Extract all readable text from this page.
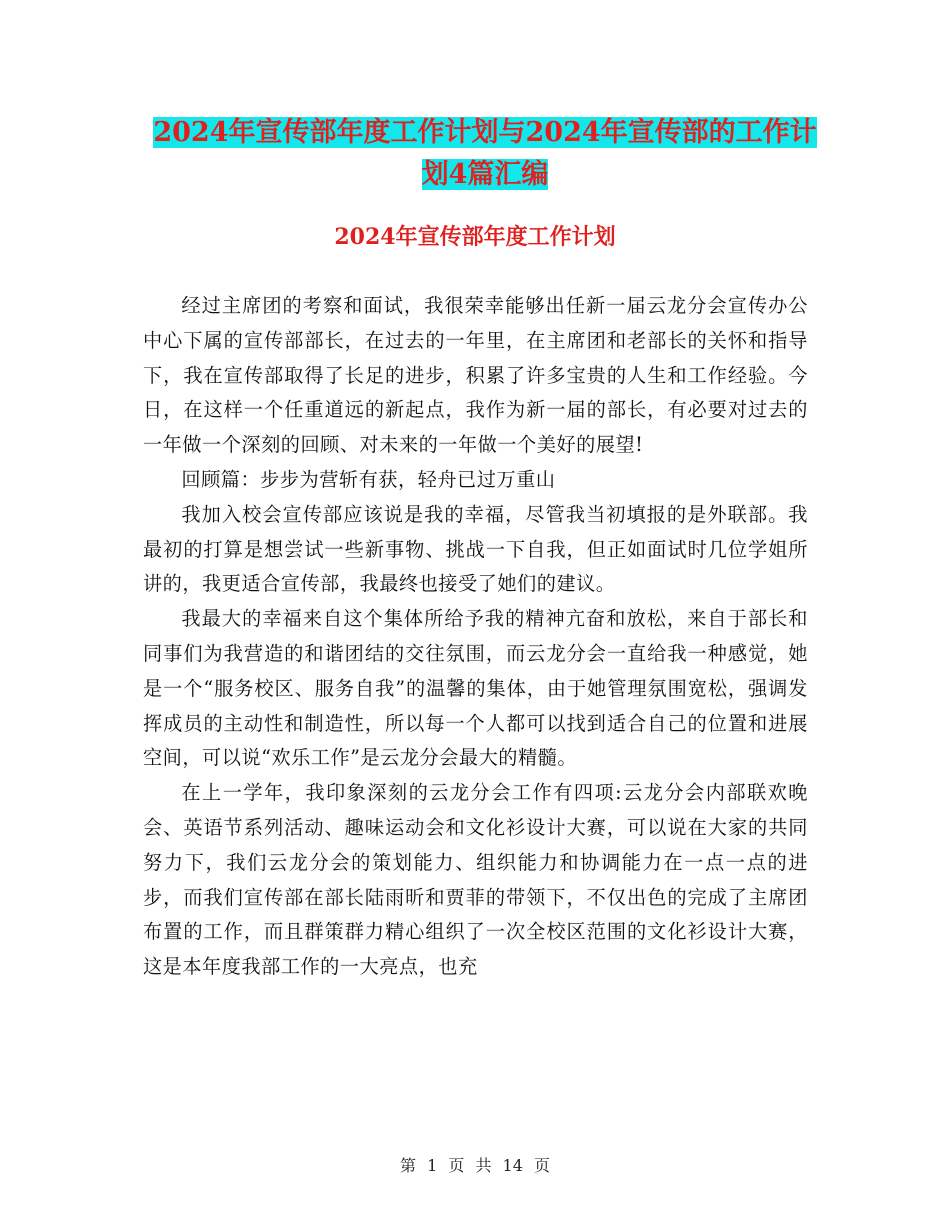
2024年宣传部年度工作计划与2024年宣传部的工作计划4篇汇编
2024年宣传部年度工作计划

经过主席团的考察和面试，我很荣幸能够出任新一届云龙分会宣传办公中心下属的宣传部部长，在过去的一年里，在主席团和老部长的关怀和指导下，我在宣传部取得了长足的进步，积累了许多宝贵的人生和工作经验。今日，在这样一个任重道远的新起点，我作为新一届的部长，有必要对过去的一年做一个深刻的回顾、对未来的一年做一个美好的展望!

回顾篇：步步为营斩有获，轻舟已过万重山

我加入校会宣传部应该说是我的幸福，尽管我当初填报的是外联部。我最初的打算是想尝试一些新事物、挑战一下自我，但正如面试时几位学姐所讲的，我更适合宣传部，我最终也接受了她们的建议。

我最大的幸福来自这个集体所给予我的精神亢奋和放松，来自于部长和同事们为我营造的和谐团结的交往氛围，而云龙分会一直给我一种感觉，她是一个“服务校区、服务自我”的温馨的集体，由于她管理氛围宽松，强调发挥成员的主动性和制造性，所以每一个人都可以找到适合自己的位置和进展空间，可以说“欢乐工作”是云龙分会最大的精髓。

在上一学年，我印象深刻的云龙分会工作有四项:云龙分会内部联欢晚会、英语节系列活动、趣味运动会和文化衫设计大赛，可以说在大家的共同努力下，我们云龙分会的策划能力、组织能力和协调能力在一点一点的进步，而我们宣传部在部长陆雨昕和贾菲的带领下，不仅出色的完成了主席团布置的工作，而且群策群力精心组织了一次全校区范围的文化衫设计大赛，这是本年度我部工作的一大亮点，也充

第 1 页 共 14 页
